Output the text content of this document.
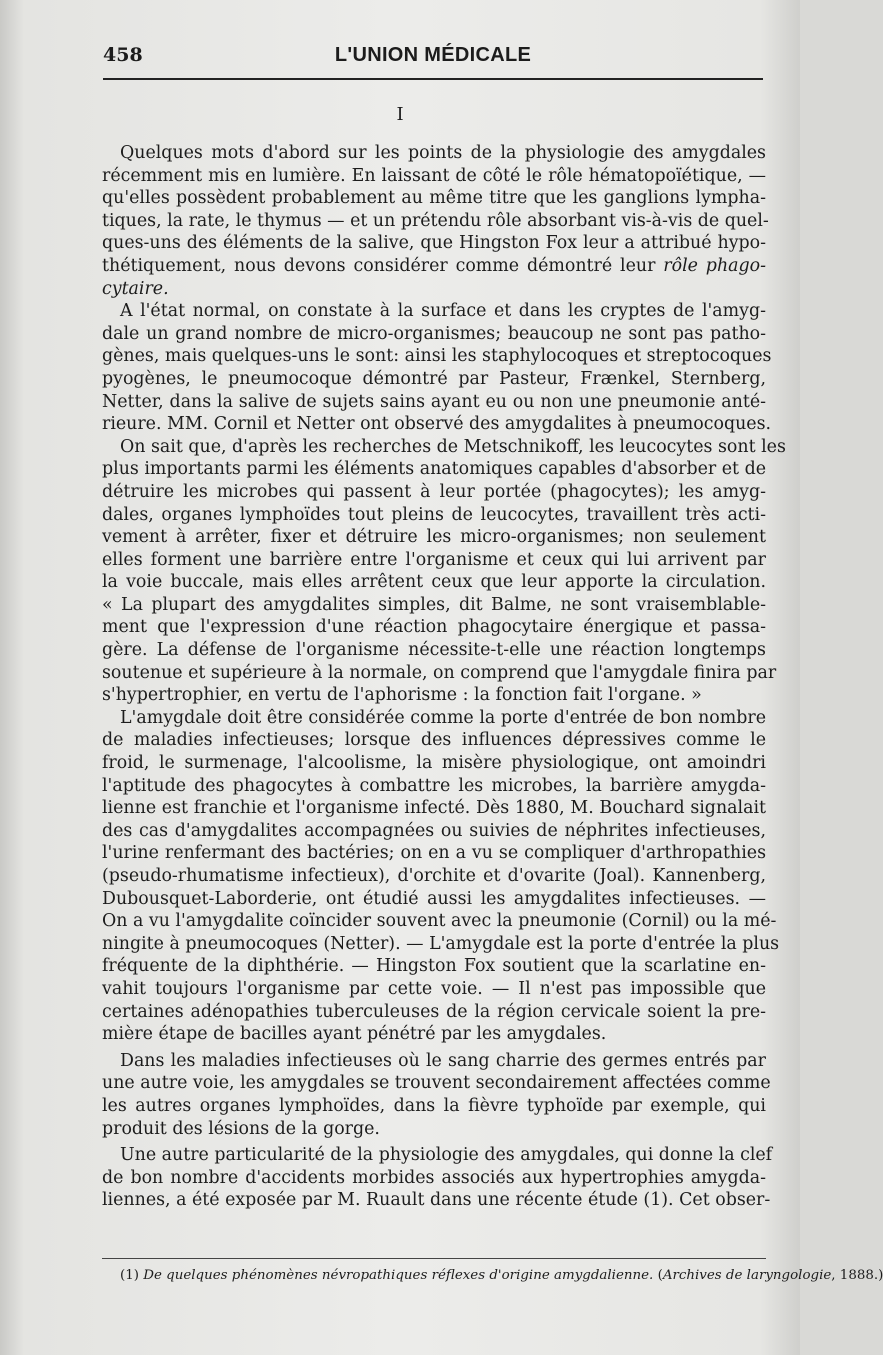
458	L'UNION MÉDICALE
I
Quelques mots d'abord sur les points de la physiologie des amygdales
récemment mis en lumière. En laissant de côté le rôle hématopoïétique, —
qu'elles possèdent probablement au même titre que les ganglions lympha-
tiques, la rate, le thymus — et un prétendu rôle absorbant vis-à-vis de quel-
ques-uns des éléments de la salive, que Hingston Fox leur a attribué hypo-
thétiquement, nous devons considérer comme démontré leur rôle phago-
cytaire.
A l'état normal, on constate à la surface et dans les cryptes de l'amyg-
dale un grand nombre de micro-organismes; beaucoup ne sont pas patho-
gènes, mais quelques-uns le sont: ainsi les staphylocoques et streptocoques
pyogènes, le pneumocoque démontré par Pasteur, Frænkel, Sternberg,
Netter, dans la salive de sujets sains ayant eu ou non une pneumonie anté-
rieure. MM. Cornil et Netter ont observé des amygdalites à pneumocoques.
On sait que, d'après les recherches de Metschnikoff, les leucocytes sont les
plus importants parmi les éléments anatomiques capables d'absorber et de
détruire les microbes qui passent à leur portée (phagocytes); les amyg-
dales, organes lymphoïdes tout pleins de leucocytes, travaillent très acti-
vement à arrêter, fixer et détruire les micro-organismes; non seulement
elles forment une barrière entre l'organisme et ceux qui lui arrivent par
la voie buccale, mais elles arrêtent ceux que leur apporte la circulation.
« La plupart des amygdalites simples, dit Balme, ne sont vraisemblable-
ment que l'expression d'une réaction phagocytaire énergique et passa-
gère. La défense de l'organisme nécessite-t-elle une réaction longtemps
soutenue et supérieure à la normale, on comprend que l'amygdale finira par
s'hypertrophier, en vertu de l'aphorisme : la fonction fait l'organe. »
L'amygdale doit être considérée comme la porte d'entrée de bon nombre
de maladies infectieuses; lorsque des influences dépressives comme le
froid, le surmenage, l'alcoolisme, la misère physiologique, ont amoindri
l'aptitude des phagocytes à combattre les microbes, la barrière amygda-
lienne est franchie et l'organisme infecté. Dès 1880, M. Bouchard signalait
des cas d'amygdalites accompagnées ou suivies de néphrites infectieuses,
l'urine renfermant des bactéries; on en a vu se compliquer d'arthropathies
(pseudo-rhumatisme infectieux), d'orchite et d'ovarite (Joal). Kannenberg,
Dubousquet-Laborderie, ont étudié aussi les amygdalites infectieuses. —
On a vu l'amygdalite coïncider souvent avec la pneumonie (Cornil) ou la mé-
ningite à pneumocoques (Netter). — L'amygdale est la porte d'entrée la plus
fréquente de la diphthérie. — Hingston Fox soutient que la scarlatine en-
vahit toujours l'organisme par cette voie. — Il n'est pas impossible que
certaines adénopathies tuberculeuses de la région cervicale soient la pre-
mière étape de bacilles ayant pénétré par les amygdales.
Dans les maladies infectieuses où le sang charrie des germes entrés par
une autre voie, les amygdales se trouvent secondairement affectées comme
les autres organes lymphoïdes, dans la fièvre typhoïde par exemple, qui
produit des lésions de la gorge.
Une autre particularité de la physiologie des amygdales, qui donne la clef
de bon nombre d'accidents morbides associés aux hypertrophies amygda-
liennes, a été exposée par M. Ruault dans une récente étude (1). Cet obser-
(1) De quelques phénomènes névropathiques réflexes d'origine amygdalienne. (Archives de laryngologie, 1888.)
